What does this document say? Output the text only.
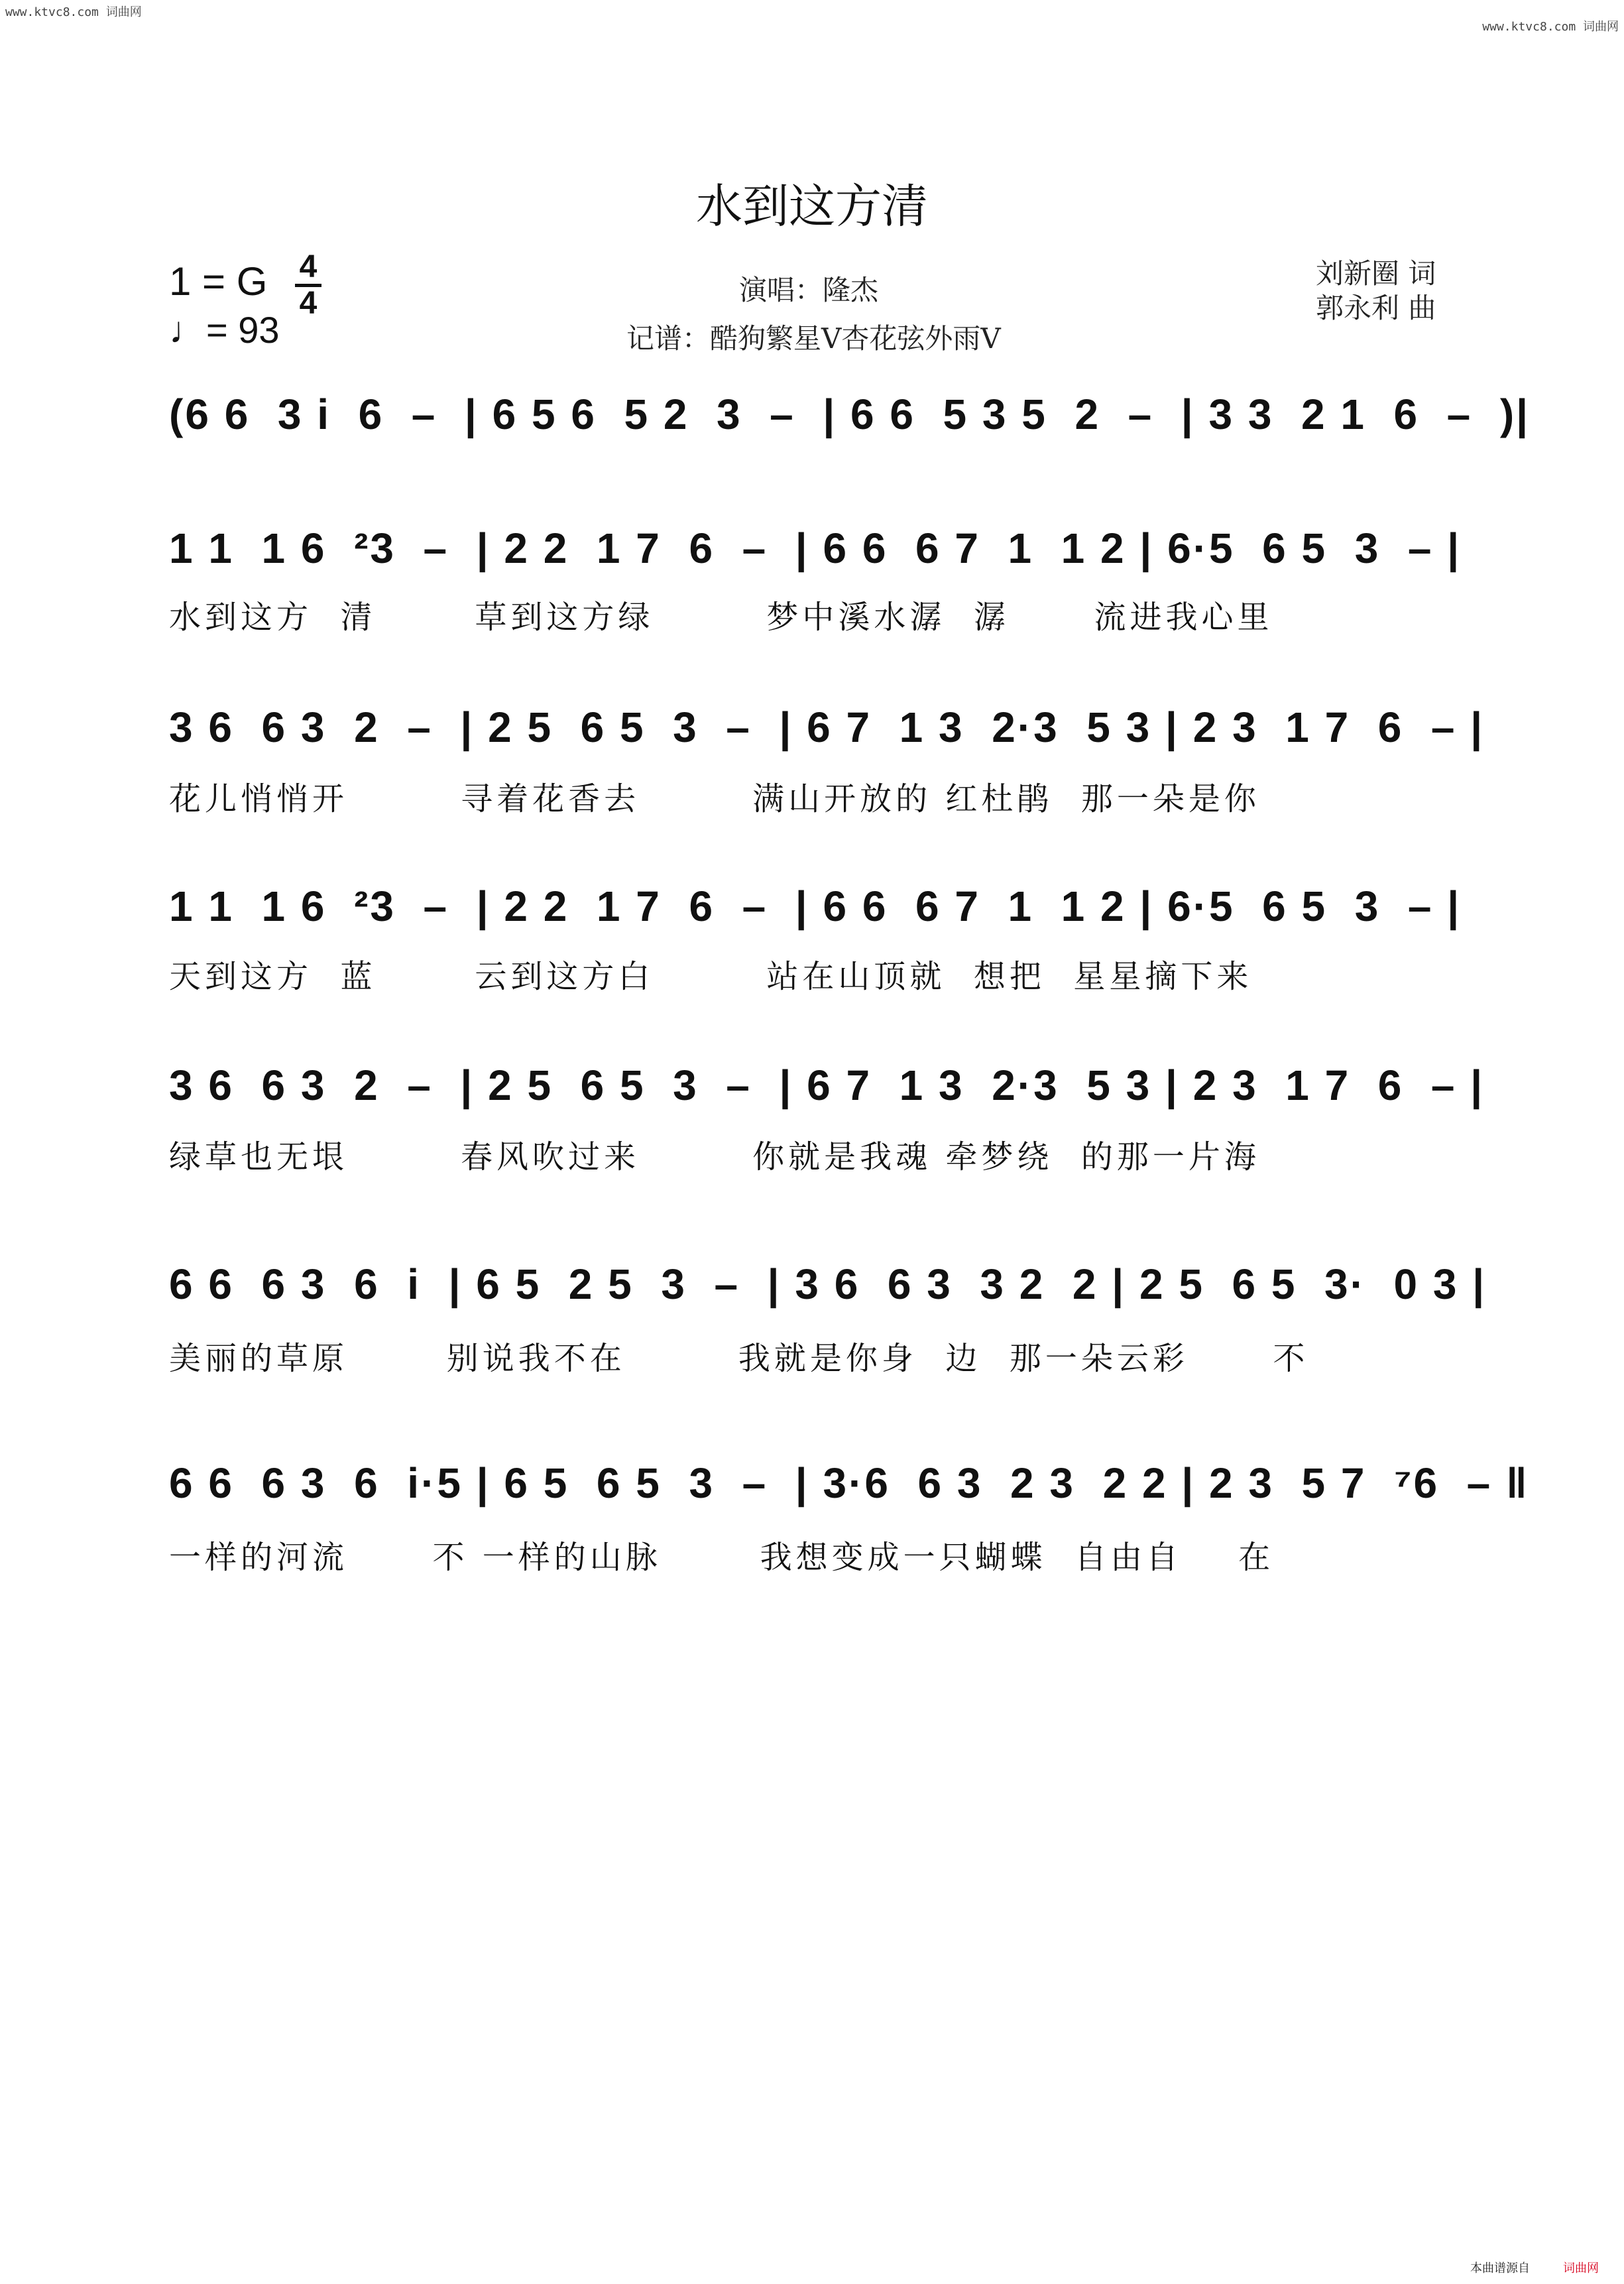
www.ktvc8.com 词曲网
www.ktvc8.com 词曲网
水到这方清
1 = G 4
4
♩= 93
演唱：隆杰
记谱：酷狗繁星V杏花弦外雨V
刘新圈 词
郭永利 曲
(6 6  3 i  6  –  | 6 5 6  5 2  3  –  | 6 6  5 3 5  2  –  | 3 3  2 1  6  –  )|
1 1  1 6  ²3  –  | 2 2  1 7  6  –  | 6 6  6 7  1  1 2 | 6·5  6 5  3  – |
水到这方  清       草到这方绿        梦中溪水潺  潺      流进我心里
3 6  6 3  2  –  | 2 5  6 5  3  –  | 6 7  1 3  2·3  5 3 | 2 3  1 7  6  – |
花儿悄悄开        寻着花香去        满山开放的 红杜鹃  那一朵是你
1 1  1 6  ²3  –  | 2 2  1 7  6  –  | 6 6  6 7  1  1 2 | 6·5  6 5  3  – |
天到这方  蓝       云到这方白        站在山顶就  想把  星星摘下来
3 6  6 3  2  –  | 2 5  6 5  3  –  | 6 7  1 3  2·3  5 3 | 2 3  1 7  6  – |
绿草也无垠        春风吹过来        你就是我魂 牵梦绕  的那一片海
6 6  6 3  6  i  | 6 5  2 5  3  –  | 3 6  6 3  3 2  2 | 2 5  6 5  3·  0 3 |
美丽的草原       别说我不在        我就是你身  边  那一朵云彩      不
6 6  6 3  6  i·5 | 6 5  6 5  3  –  | 3·6  6 3  2 3  2 2 | 2 3  5 7  ⁷6  – ‖
一样的河流      不 一样的山脉       我想变成一只蝴蝶  自由自    在
本曲谱源自	词曲网
